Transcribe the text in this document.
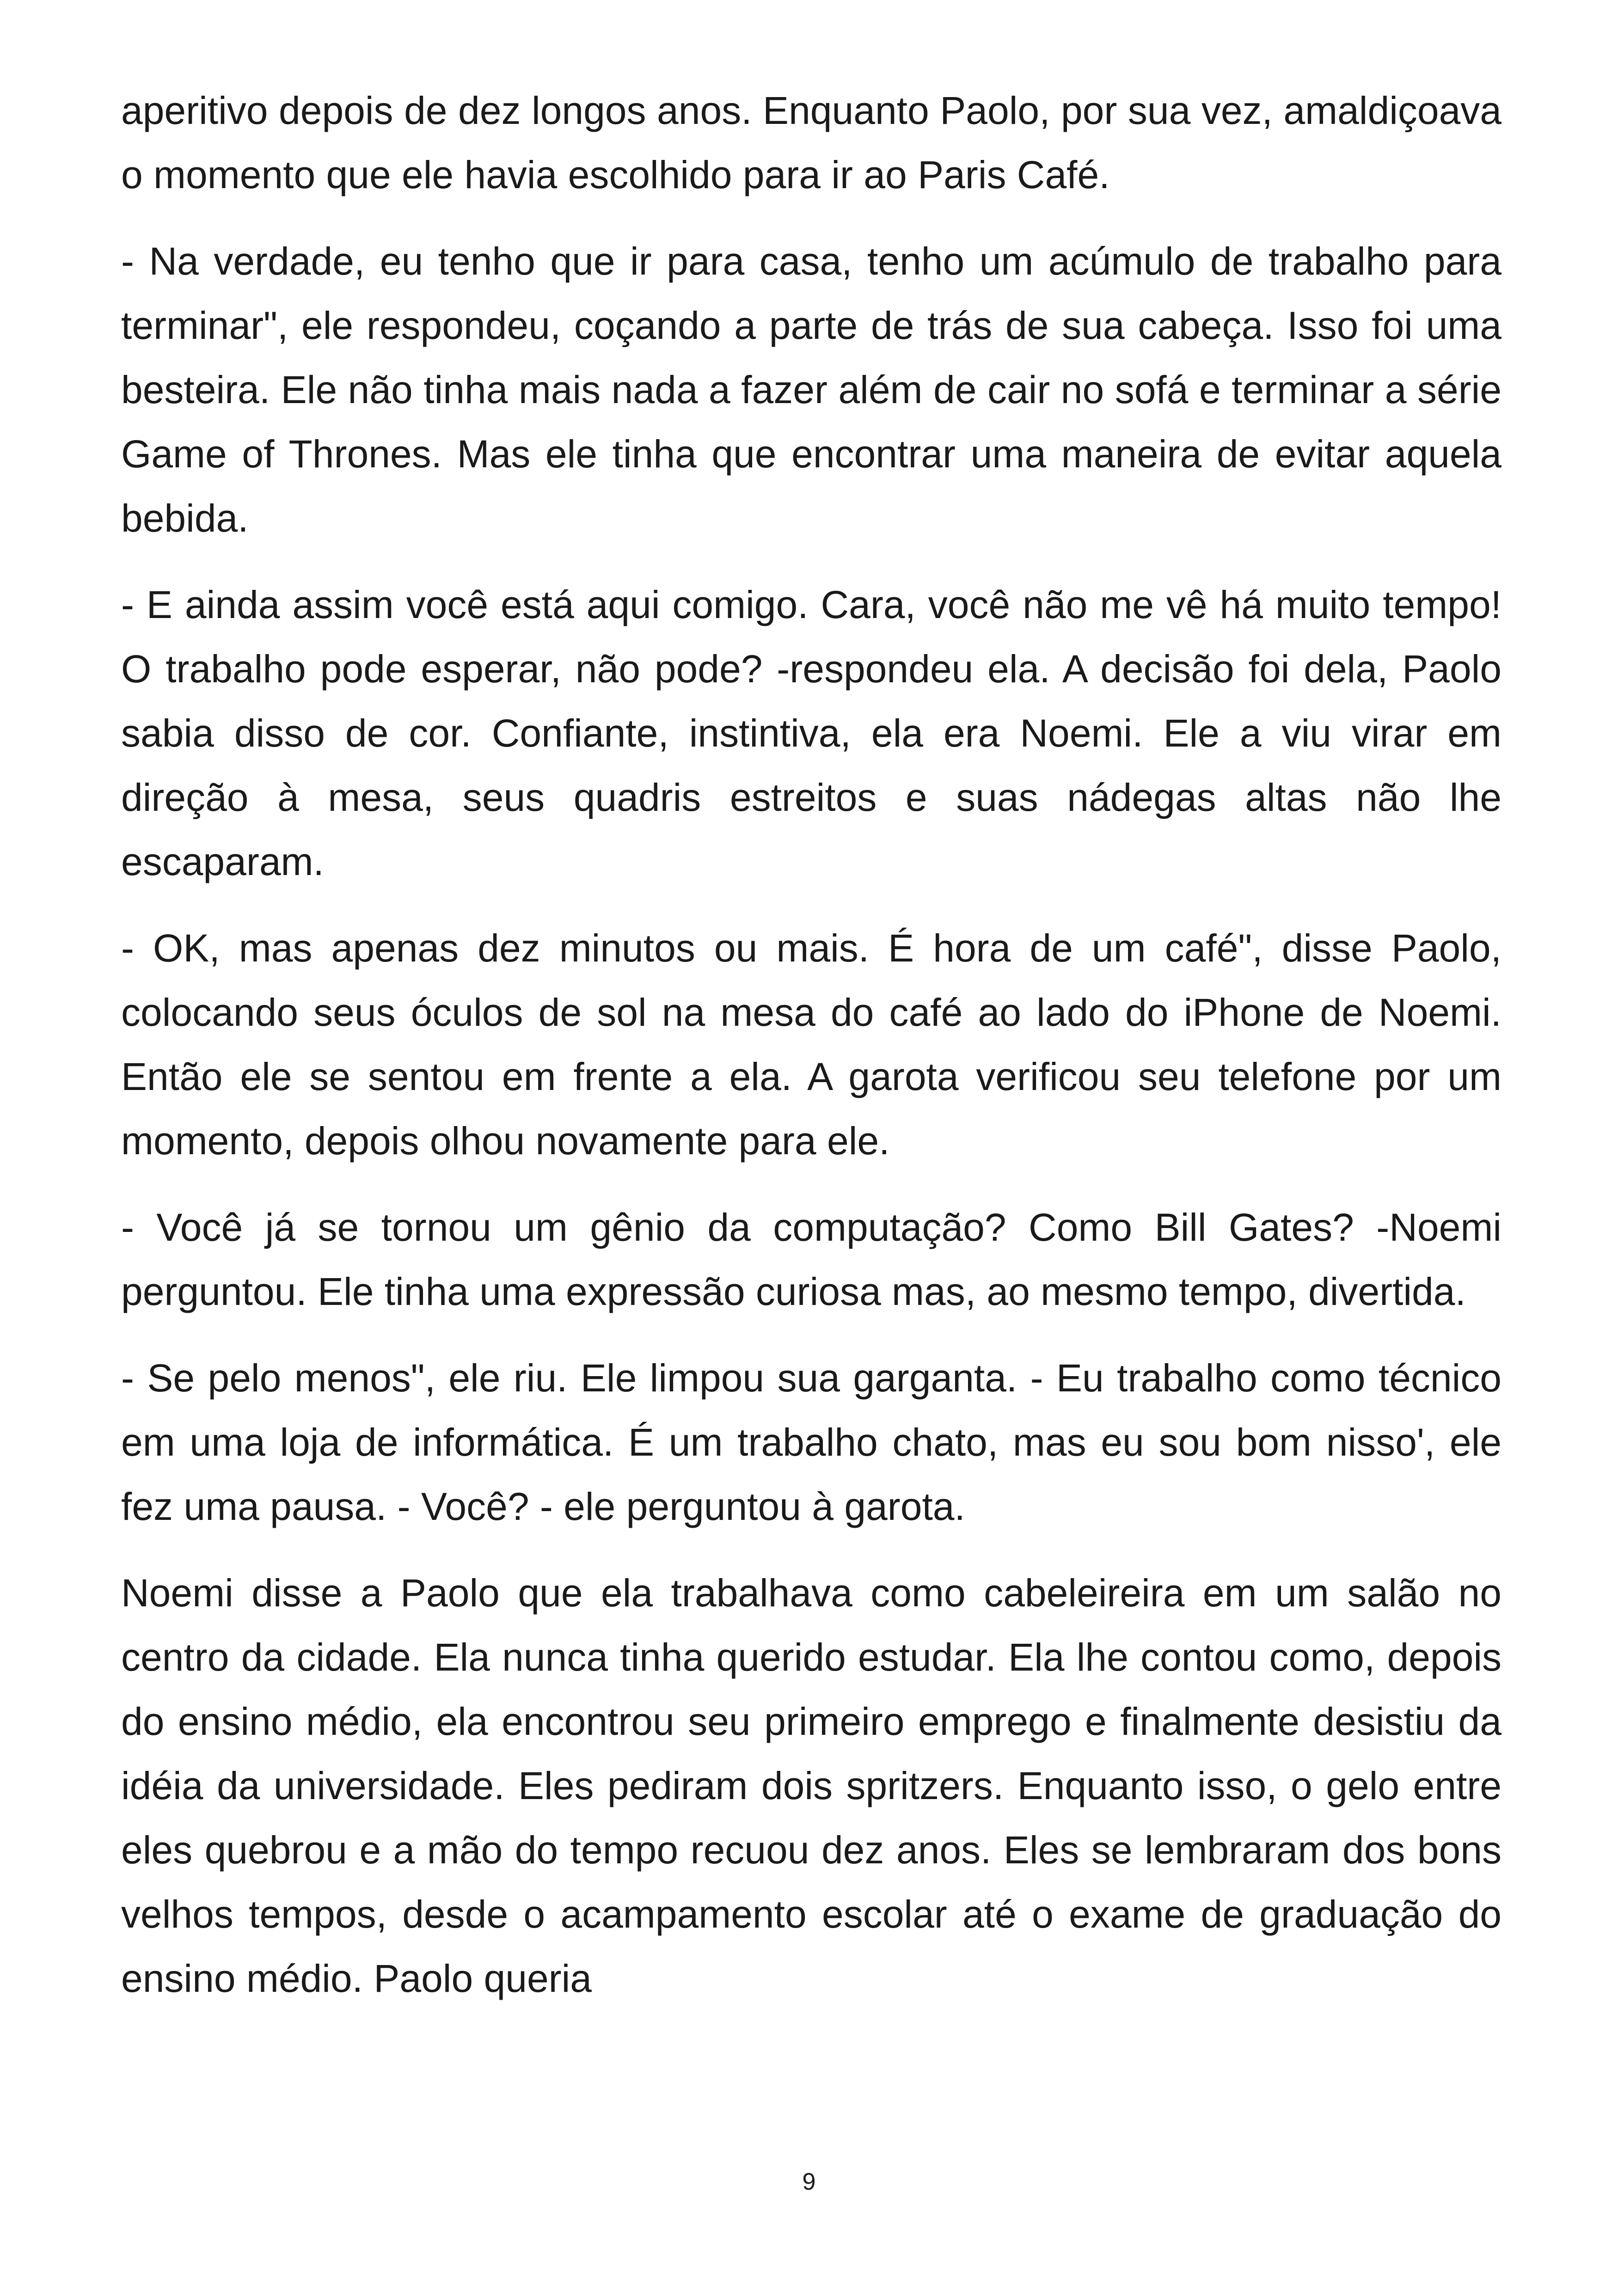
aperitivo depois de dez longos anos. Enquanto Paolo, por sua vez, amaldiçoava o momento que ele havia escolhido para ir ao Paris Café.

- Na verdade, eu tenho que ir para casa, tenho um acúmulo de trabalho para terminar", ele respondeu, coçando a parte de trás de sua cabeça. Isso foi uma besteira. Ele não tinha mais nada a fazer além de cair no sofá e terminar a série Game of Thrones. Mas ele tinha que encontrar uma maneira de evitar aquela bebida.

- E ainda assim você está aqui comigo. Cara, você não me vê há muito tempo! O trabalho pode esperar, não pode? -respondeu ela. A decisão foi dela, Paolo sabia disso de cor. Confiante, instintiva, ela era Noemi. Ele a viu virar em direção à mesa, seus quadris estreitos e suas nádegas altas não lhe escaparam.

- OK, mas apenas dez minutos ou mais. É hora de um café", disse Paolo, colocando seus óculos de sol na mesa do café ao lado do iPhone de Noemi. Então ele se sentou em frente a ela. A garota verificou seu telefone por um momento, depois olhou novamente para ele.

- Você já se tornou um gênio da computação? Como Bill Gates? -Noemi perguntou. Ele tinha uma expressão curiosa mas, ao mesmo tempo, divertida.

- Se pelo menos", ele riu. Ele limpou sua garganta. - Eu trabalho como técnico em uma loja de informática. É um trabalho chato, mas eu sou bom nisso', ele fez uma pausa. - Você? - ele perguntou à garota.

Noemi disse a Paolo que ela trabalhava como cabeleireira em um salão no centro da cidade. Ela nunca tinha querido estudar. Ela lhe contou como, depois do ensino médio, ela encontrou seu primeiro emprego e finalmente desistiu da idéia da universidade. Eles pediram dois spritzers. Enquanto isso, o gelo entre eles quebrou e a mão do tempo recuou dez anos. Eles se lembraram dos bons velhos tempos, desde o acampamento escolar até o exame de graduação do ensino médio. Paolo queria

9
